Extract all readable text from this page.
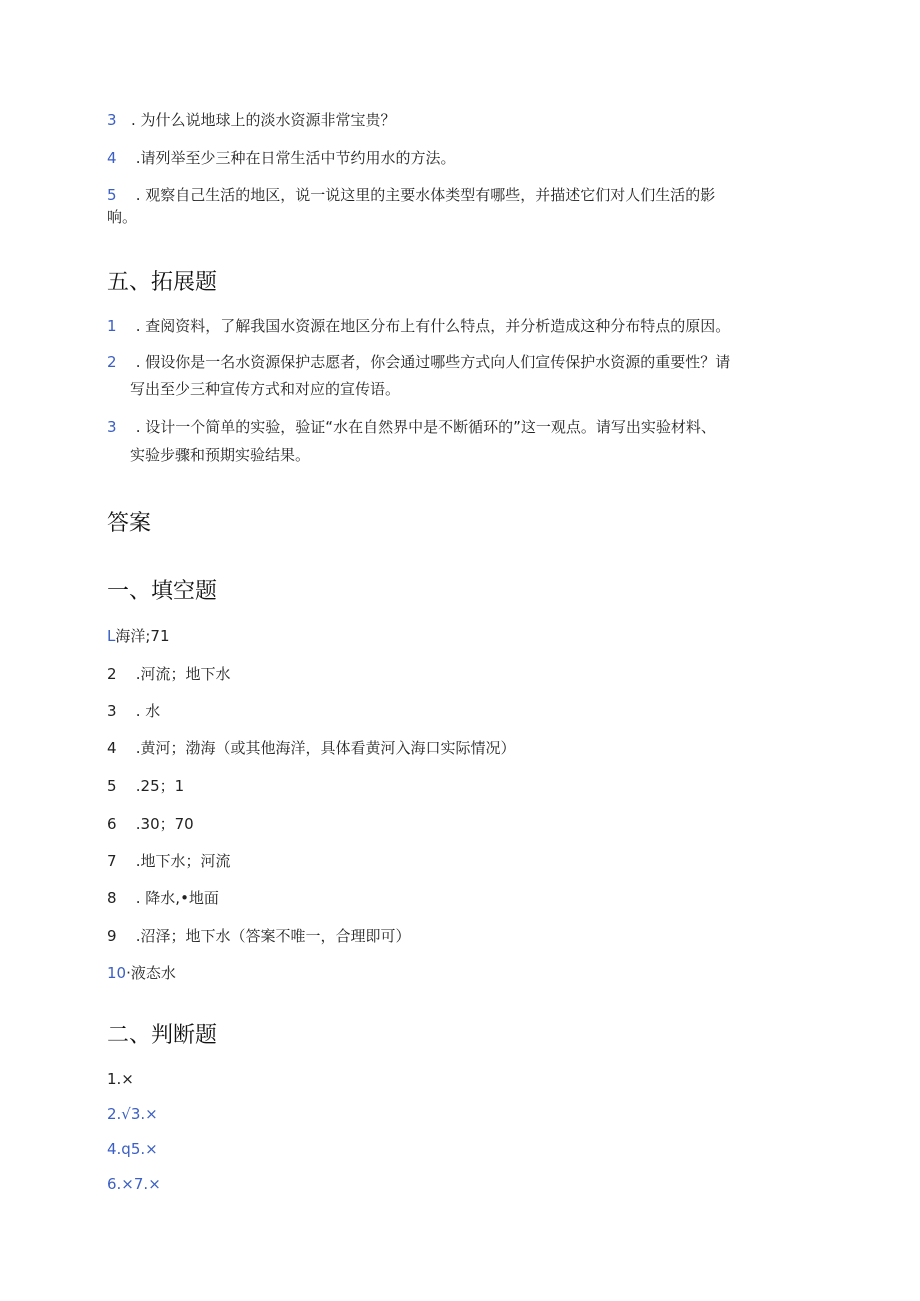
3 . 为什么说地球上的淡水资源非常宝贵？
4 .请列举至少三种在日常生活中节约用水的方法。
5 . 观察自己生活的地区，说一说这里的主要水体类型有哪些，并描述它们对人们生活的影
响。
五、拓展题
1 . 查阅资料，了解我国水资源在地区分布上有什么特点，并分析造成这种分布特点的原因。
2 . 假设你是一名水资源保护志愿者，你会通过哪些方式向人们宣传保护水资源的重要性？请
写出至少三种宣传方式和对应的宣传语。
3 . 设计一个简单的实验，验证“水在自然界中是不断循环的”这一观点。请写出实验材料、
实验步骤和预期实验结果。
答案
一、填空题
L海洋;71
2 .河流；地下水
3 . 水
4 .黄河；渤海（或其他海洋，具体看黄河入海口实际情况）
5 .25；1
6 .30；70
7 .地下水；河流
8 . 降水,•地面
9 .沼泽；地下水（答案不唯一，合理即可）
10·液态水
二、判断题
1.×
2.√3.×
4.q5.×
6.×7.×
